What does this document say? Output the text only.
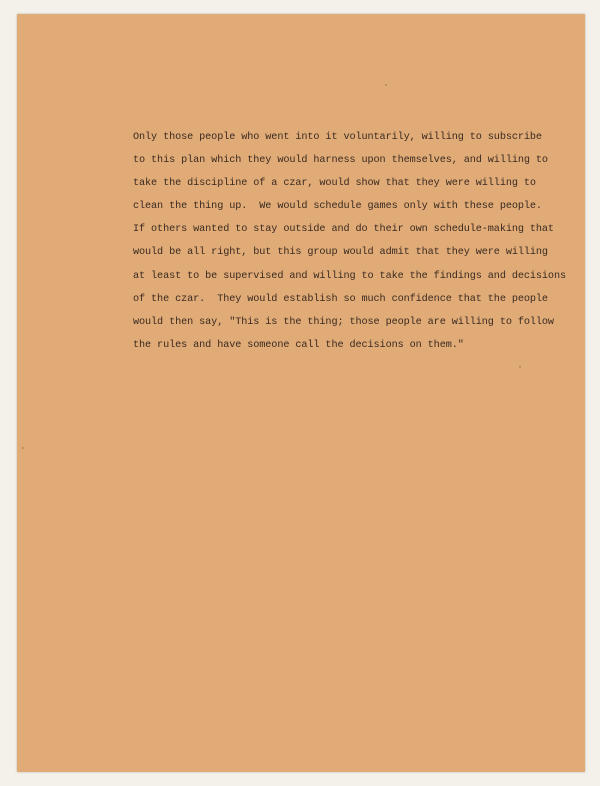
Only those people who went into it voluntarily, willing to subscribe
to this plan which they would harness upon themselves, and willing to
take the discipline of a czar, would show that they were willing to
clean the thing up.  We would schedule games only with these people.
If others wanted to stay outside and do their own schedule-making that
would be all right, but this group would admit that they were willing
at least to be supervised and willing to take the findings and decisions
of the czar.  They would establish so much confidence that the people
would then say, "This is the thing; those people are willing to follow
the rules and have someone call the decisions on them."
